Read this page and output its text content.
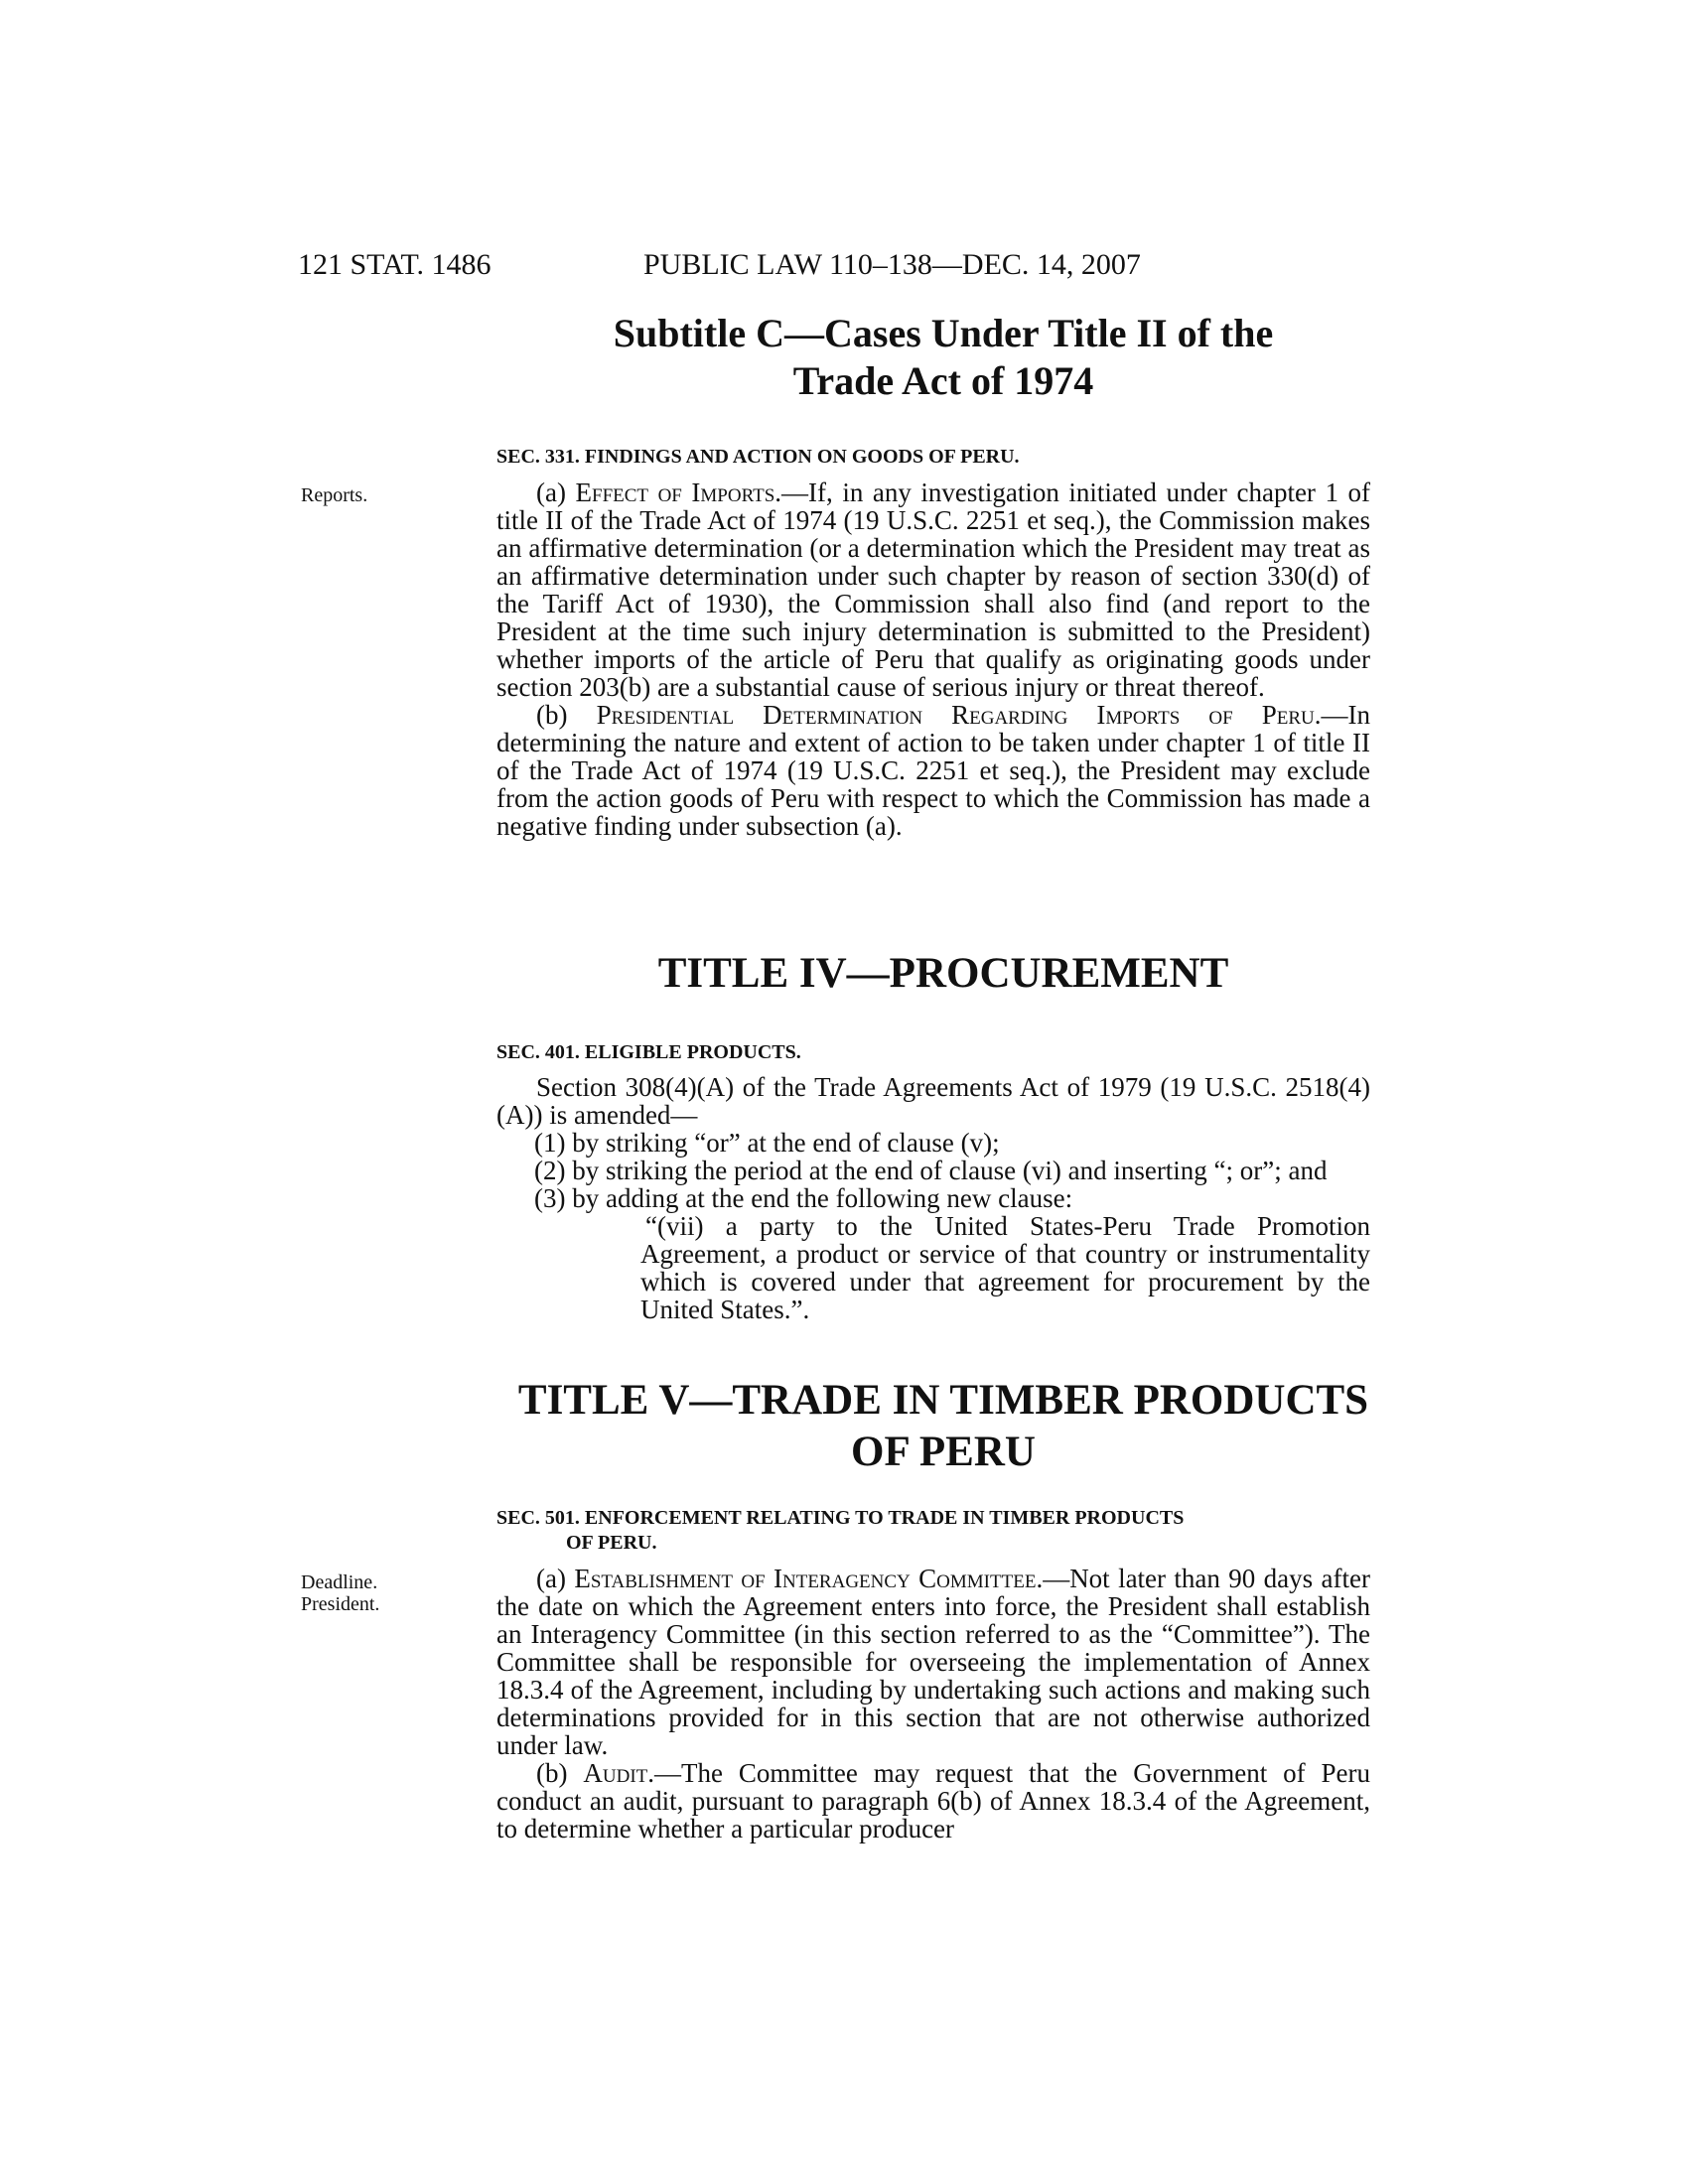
121 STAT. 1486	PUBLIC LAW 110–138—DEC. 14, 2007
Subtitle C—Cases Under Title II of the
Trade Act of 1974
SEC. 331. FINDINGS AND ACTION ON GOODS OF PERU.
Reports.	(a) Effect of Imports.—If, in any investigation initiated under chapter 1 of title II of the Trade Act of 1974 (19 U.S.C. 2251 et seq.), the Commission makes an affirmative determination (or a determination which the President may treat as an affirmative determination under such chapter by reason of section 330(d) of the Tariff Act of 1930), the Commission shall also find (and report to the President at the time such injury determination is submitted to the President) whether imports of the article of Peru that qualify as originating goods under section 203(b) are a substantial cause of serious injury or threat thereof.

(b) Presidential Determination Regarding Imports of Peru.—In determining the nature and extent of action to be taken under chapter 1 of title II of the Trade Act of 1974 (19 U.S.C. 2251 et seq.), the President may exclude from the action goods of Peru with respect to which the Commission has made a negative finding under subsection (a).

TITLE IV—PROCUREMENT
SEC. 401. ELIGIBLE PRODUCTS.

Section 308(4)(A) of the Trade Agreements Act of 1979 (19 U.S.C. 2518(4)(A)) is amended—

(1) by striking “or” at the end of clause (v);

(2) by striking the period at the end of clause (vi) and inserting “; or”; and

(3) by adding at the end the following new clause:

“(vii) a party to the United States-Peru Trade Promotion Agreement, a product or service of that country or instrumentality which is covered under that agreement for procurement by the United States.”.

TITLE V—TRADE IN TIMBER PRODUCTS
OF PERU
SEC. 501. ENFORCEMENT RELATING TO TRADE IN TIMBER PRODUCTS
OF PERU.
Deadline.
President.

(a) Establishment of Interagency Committee.—Not later than 90 days after the date on which the Agreement enters into force, the President shall establish an Interagency Committee (in this section referred to as the “Committee”). The Committee shall be responsible for overseeing the implementation of Annex 18.3.4 of the Agreement, including by undertaking such actions and making such determinations provided for in this section that are not otherwise authorized under law.

(b) Audit.—The Committee may request that the Government of Peru conduct an audit, pursuant to paragraph 6(b) of Annex 18.3.4 of the Agreement, to determine whether a particular producer
